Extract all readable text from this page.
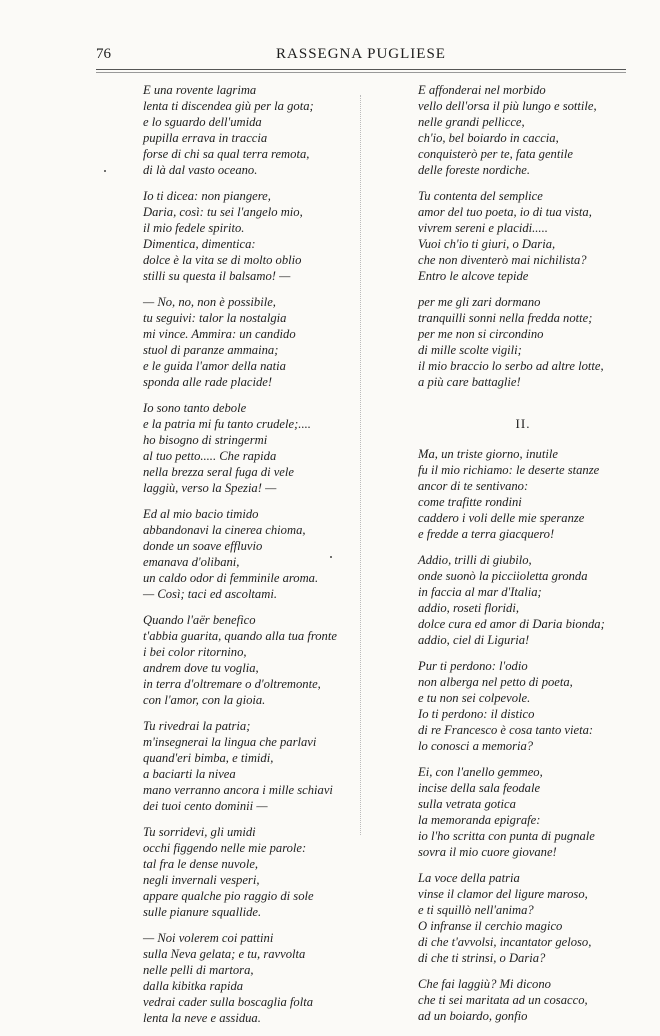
76	RASSEGNA PUGLIESE
E una rovente lagrima
lenta ti discendea giù per la gota;
e lo sguardo dell'umida
pupilla errava in traccia
forse di chi sa qual terra remota,
di là dal vasto oceano.
Io ti dicea: non piangere,
Daria, così: tu sei l'angelo mio,
il mio fedele spirito.
Dimentica, dimentica:
dolce è la vita se di molto oblio
stilli su questa il balsamo! —
— No, no, non è possibile,
tu seguivi: talor la nostalgia
mi vince. Ammira: un candido
stuol di paranze ammaina;
e le guida l'amor della natia
sponda alle rade placide!
Io sono tanto debole
e la patria mi fu tanto crudele;....
ho bisogno di stringermi
al tuo petto..... Che rapida
nella brezza seral fuga di vele
laggiù, verso la Spezia! —
Ed al mio bacio timido
abbandonavi la cinerea chioma,
donde un soave effluvio
emanava d'olibani,
un caldo odor di femminile aroma.
— Così; taci ed ascoltami.
Quando l'aër benefico
t'abbia guarita, quando alla tua fronte
i bei color ritornino,
andrem dove tu voglia,
in terra d'oltremare o d'oltremonte,
con l'amor, con la gioia.
Tu rivedrai la patria;
m'insegnerai la lingua che parlavi
quand'eri bimba, e timidi,
a baciarti la nivea
mano verranno ancora i mille schiavi
dei tuoi cento dominii —
Tu sorridevi, gli umidi
occhi figgendo nelle mie parole:
tal fra le dense nuvole,
negli invernali vesperi,
appare qualche pio raggio di sole
sulle pianure squallide.
— Noi volerem coi pattini
sulla Neva gelata; e tu, ravvolta
nelle pelli di martora,
dalla kibitka rapida
vedrai cader sulla boscaglia folta
lenta la neve e assidua.
E affonderai nel morbido
vello dell'orsa il più lungo e sottile,
nelle grandi pellicce,
ch'io, bel boiardo in caccia,
conquisterò per te, fata gentile
delle foreste nordiche.
Tu contenta del semplice
amor del tuo poeta, io di tua vista,
vivrem sereni e placidi.....
Vuoi ch'io ti giuri, o Daria,
che non diventerò mai nichilista?
Entro le alcove tepide
per me gli zari dormano
tranquilli sonni nella fredda notte;
per me non si circondino
di mille scolte vigili;
il mio braccio lo serbo ad altre lotte,
a più care battaglie!
II.
Ma, un triste giorno, inutile
fu il mio richiamo: le deserte stanze
ancor di te sentivano:
come trafitte rondini
caddero i voli delle mie speranze
e fredde a terra giacquero!
Addio, trilli di giubilo,
onde suonò la picciioletta gronda
in faccia al mar d'Italia;
addio, roseti floridi,
dolce cura ed amor di Daria bionda;
addio, ciel di Liguria!
Pur ti perdono: l'odio
non alberga nel petto di poeta,
e tu non sei colpevole.
Io ti perdono: il distico
di re Francesco è cosa tanto vieta:
lo conosci a memoria?
Ei, con l'anello gemmeo,
incise della sala feodale
sulla vetrata gotica
la memoranda epigrafe:
io l'ho scritta con punta di pugnale
sovra il mio cuore giovane!
La voce della patria
vinse il clamor del ligure maroso,
e ti squillò nell'anima?
O infranse il cerchio magico
di che t'avvolsi, incantator geloso,
di che ti strinsi, o Daria?
Che fai laggiù? Mi dicono
che ti sei maritata ad un cosacco,
ad un boiardo, gonfio
